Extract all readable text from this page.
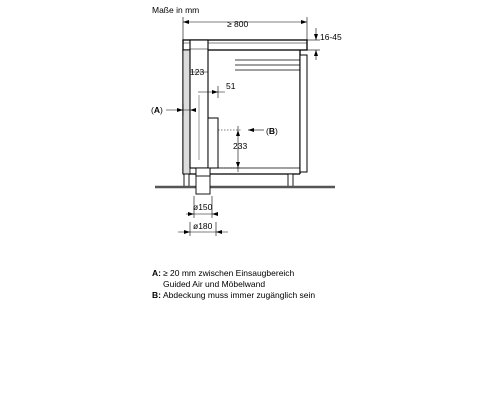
Maße in mm
≥ 800
16-45
123
51
233
(B)
(A)
ø150
ø180
A: ≥ 20 mm zwischen Einsaugbereich
Guided Air und Möbelwand
B: Abdeckung muss immer zugänglich sein
